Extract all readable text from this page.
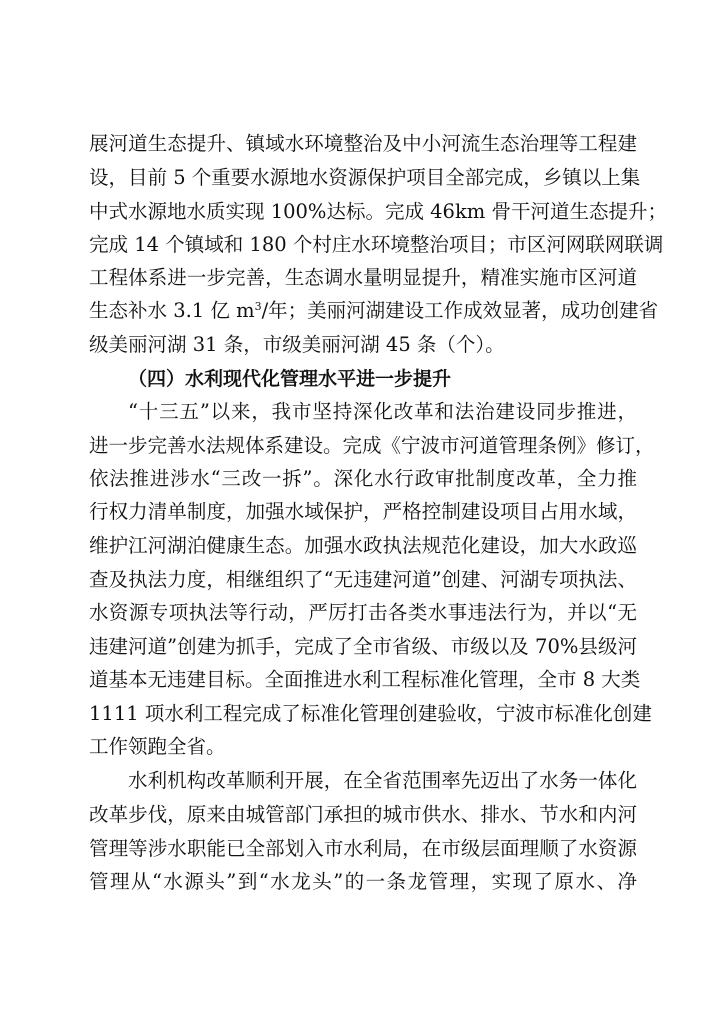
展河道生态提升、镇域水环境整治及中小河流生态治理等工程建
设，目前 5 个重要水源地水资源保护项目全部完成，乡镇以上集
中式水源地水质实现 100%达标。完成 46km 骨干河道生态提升；
完成 14 个镇域和 180 个村庄水环境整治项目；市区河网联网联调
工程体系进一步完善，生态调水量明显提升，精准实施市区河道
生态补水 3.1 亿 $m^3/$年；美丽河湖建设工作成效显著，成功创建省
级美丽河湖 31 条，市级美丽河湖 45 条（个）。
（四）水利现代化管理水平进一步提升
“十三五”以来，我市坚持深化改革和法治建设同步推进，
进一步完善水法规体系建设。完成《宁波市河道管理条例》修订，
依法推进涉水“三改一拆”。深化水行政审批制度改革，全力推
行权力清单制度，加强水域保护，严格控制建设项目占用水域，
维护江河湖泊健康生态。加强水政执法规范化建设，加大水政巡
查及执法力度，相继组织了“无违建河道”创建、河湖专项执法、
水资源专项执法等行动，严厉打击各类水事违法行为，并以“无
违建河道”创建为抓手，完成了全市省级、市级以及 70%县级河
道基本无违建目标。全面推进水利工程标准化管理，全市 8 大类
1111 项水利工程完成了标准化管理创建验收，宁波市标准化创建
工作领跑全省。
水利机构改革顺利开展，在全省范围率先迈出了水务一体化
改革步伐，原来由城管部门承担的城市供水、排水、节水和内河
管理等涉水职能已全部划入市水利局，在市级层面理顺了水资源
管理从“水源头”到“水龙头”的一条龙管理，实现了原水、净
